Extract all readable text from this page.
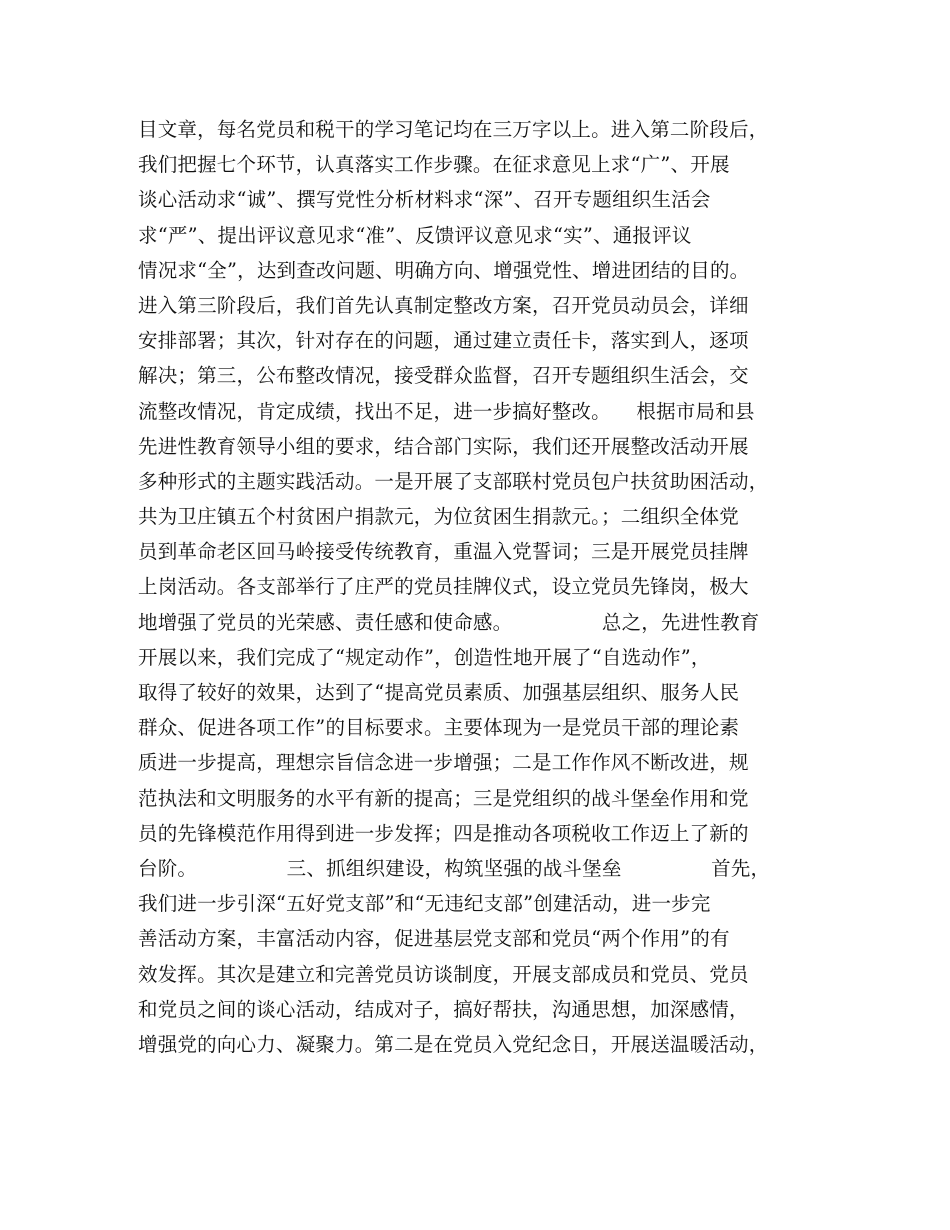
目文章，每名党员和税干的学习笔记均在三万字以上。进入第二阶段后，
我们把握七个环节，认真落实工作步骤。在征求意见上求“广”、开展
谈心活动求“诚”、撰写党性分析材料求“深”、召开专题组织生活会
求“严”、提出评议意见求“准”、反馈评议意见求“实”、通报评议
情况求“全”，达到查改问题、明确方向、增强党性、增进团结的目的。
进入第三阶段后，我们首先认真制定整改方案，召开党员动员会，详细
安排部署；其次，针对存在的问题，通过建立责任卡，落实到人，逐项
解决；第三，公布整改情况，接受群众监督，召开专题组织生活会，交
流整改情况，肯定成绩，找出不足，进一步搞好整改。    根据市局和县
先进性教育领导小组的要求，结合部门实际，我们还开展整改活动开展
多种形式的主题实践活动。一是开展了支部联村党员包户扶贫助困活动，
共为卫庄镇五个村贫困户捐款元，为位贫困生捐款元。；二组织全体党
员到革命老区回马岭接受传统教育，重温入党誓词；三是开展党员挂牌
上岗活动。各支部举行了庄严的党员挂牌仪式，设立党员先锋岗，极大
地增强了党员的光荣感、责任感和使命感。              总之，先进性教育
开展以来，我们完成了“规定动作”，创造性地开展了“自选动作”，
取得了较好的效果，达到了“提高党员素质、加强基层组织、服务人民
群众、促进各项工作”的目标要求。主要体现为一是党员干部的理论素
质进一步提高，理想宗旨信念进一步增强；二是工作作风不断改进，规
范执法和文明服务的水平有新的提高；三是党组织的战斗堡垒作用和党
员的先锋模范作用得到进一步发挥；四是推动各项税收工作迈上了新的
台阶。              三、抓组织建设，构筑坚强的战斗堡垒              首先，
我们进一步引深“五好党支部”和“无违纪支部”创建活动，进一步完
善活动方案，丰富活动内容，促进基层党支部和党员“两个作用”的有
效发挥。其次是建立和完善党员访谈制度，开展支部成员和党员、党员
和党员之间的谈心活动，结成对子，搞好帮扶，沟通思想，加深感情，
增强党的向心力、凝聚力。第二是在党员入党纪念日，开展送温暖活动，
